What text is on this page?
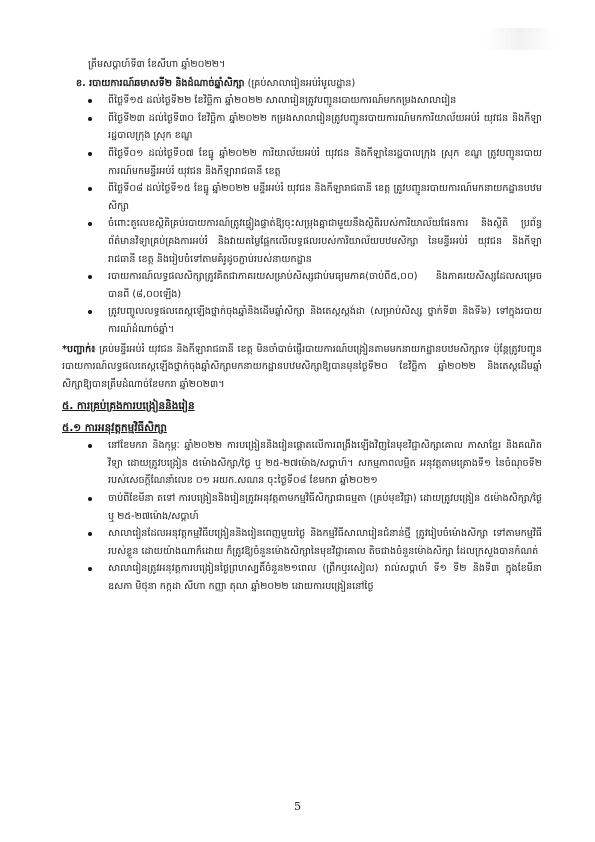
ត្រឹមសប្ដាហ៍ទី៣ ខែសីហា ឆ្នាំ២០២២។

ខ. របាយការណ៍ឆមាសទី២ និងដំណាច់ឆ្នាំសិក្សា (គ្រប់សាលារៀនអប់រំមូលដ្ឋាន)

ពីថ្ងៃទី១៥ ដល់ថ្ងៃទី២២ ខែវិច្ឆិកា ឆ្នាំ២០២២ សាលារៀនត្រូវបញ្ជូនរបាយការណ៍មកកម្រងសាលារៀន
ពីថ្ងៃទី២៣ ដល់ថ្ងៃទី៣០ ខែវិច្ឆិកា ឆ្នាំ២០២២ កម្រងសាលារៀនត្រូវបញ្ជូនរបាយការណ៍មកការិយាល័យអប់រំ យុវជន និងកីឡារដ្ឋបាលក្រុង ស្រុក ខណ្ឌ
ពីថ្ងៃទី០១ ដល់ថ្ងៃទី០៧ ខែធ្នូ ឆ្នាំ២០២២ ការិយាល័យអប់រំ យុវជន និងកីឡានៃរដ្ឋបាលក្រុង ស្រុក ខណ្ឌ ត្រូវបញ្ជូនរបាយការណ៍មកមន្ទីរអប់រំ យុវជន និងកីឡារាជធានី ខេត្ត
ពីថ្ងៃទី០៨ ដល់ថ្ងៃទី១៥ ខែធ្នូ ឆ្នាំ២០២២ មន្ទីរអប់រំ យុវជន និងកីឡារាជធានី ខេត្ត ត្រូវបញ្ជូនរបាយការណ៍មកនាយកដ្ឋានបឋមសិក្សា
ចំពោះតួលេខស្ថិតិគ្រប់របាយការណ៍ត្រូវផ្ទៀងផ្ទាត់ឱ្យចុះសម្រុងគ្នាជាមួយនឹងស្ថិតិរបស់ការិយាល័យផែនការ និងស្ថិតិ ប្រព័ន្ធព័ត៌មានវិទ្យាគ្រប់គ្រងការអប់រំ និងវាយតម្លៃផ្អែកលើលទ្ធផលរបស់ការិយាល័យបឋមសិក្សា នៃមន្ទីរអប់រំ យុវជន និងកីឡា រាជធានី ខេត្ត និងរៀបចំទៅតាមគំរូដូចភ្ជាប់របស់នាយកដ្ឋាន
របាយការណ៍លទ្ធផលសិក្សាត្រូវគិតជាភាគរយសម្រាប់សិស្សជាប់មធ្យមភាគ(ចាប់ពី៥,០០) និងភាគរយសិស្សដែលសម្រេចបានពី (៨,០០ឡើង)
ត្រូវបញ្ចូលលទ្ធផលតេស្តឡើងថ្នាក់ចុងឆ្នាំនិងដើមឆ្នាំសិក្សា និងតេស្តស្តង់ដា (សម្រាប់សិស្ស ថ្នាក់ទី៣ និងទី៦) ទៅក្នុងរបាយការណ៍ដំណាច់ឆ្នាំ។

*បញ្ជាក់៖ គ្រប់មន្ទីរអប់រំ យុវជន និងកីឡារាជធានី ខេត្ត មិនចាំបាច់ផ្ញើរបាយការណ៍បង្រៀនតាមមកនាយកដ្ឋានបឋមសិក្សាទេ ប៉ុន្តែត្រូវបញ្ជូនរបាយការណ៍លទ្ធផលតេស្តឡើងថ្នាក់ចុងឆ្នាំសិក្សាមកនាយកដ្ឋានបឋមសិក្សាឱ្យបានមុនថ្ងៃទី២០ ខែវិច្ឆិកា ឆ្នាំ២០២២ និងតេស្តដើមឆ្នាំសិក្សាឱ្យបានត្រឹមដំណាច់ខែមករា ឆ្នាំ២០២៣។

៥. ការគ្រប់គ្រងការបង្រៀននិងរៀន

៥.១ ការអនុវត្តកម្មវិធីសិក្សា

នៅខែមករា និងកុម្ភៈ ឆ្នាំ២០២២ ការបង្រៀននិងរៀនផ្ដោតលើការពង្រឹងឡើងវិញនៃមុខវិជ្ជាសិក្សាគោល ភាសាខ្មែរ និងគណិតវិទ្យា ដោយត្រូវបង្រៀន ៥ម៉ោងសិក្សា/ថ្ងៃ ឬ ២៥-២៧ម៉ោង/សប្ដាហ៍។ សកម្មភាពលម្អិត អនុវត្តតាមគ្រោងទី១ នៃចំណុចទី២ របស់សេចក្ដីណែនាំលេខ ០១ អយក.សណន ចុះថ្ងៃទី០៨ ខែមករា ឆ្នាំ២០២១
ចាប់ពីខែមីនា តទៅ ការបង្រៀននិងរៀនត្រូវអនុវត្តតាមកម្មវិធីសិក្សាជាធម្មតា (គ្រប់មុខវិជ្ជា) ដោយត្រូវបង្រៀន ៥ម៉ោងសិក្សា/ថ្ងៃ ឬ ២៥-២៧ម៉ោង/សប្ដាហ៍
សាលារៀនដែលអនុវត្តកម្មវិធីបង្រៀននិងរៀនពេញមួយថ្ងៃ និងកម្មវិធីសាលារៀនជំនាន់ថ្មី ត្រូវរៀបចំម៉ោងសិក្សា ទៅតាមកម្មវិធីរបស់ខ្លួន ដោយយ៉ាងណាក៏ដោយ ក៏ត្រូវឱ្យចំនួនម៉ោងសិក្សានៃមុខវិជ្ជាគោល តិចជាងចំនួនម៉ោងសិក្សា ដែលក្រសួងបានកំណត់
សាលារៀនត្រូវអនុវត្តការបង្រៀនថ្ងៃព្រហស្បតិ៍ចំនួន២១ពេល (ព្រឹកឬរសៀល) រាល់សប្ដាហ៍ ទី១ ទី២ និងទី៣ ក្នុងខែមីនា ឧសភា មិថុនា កក្កដា សីហា កញ្ញា តុលា ឆ្នាំ២០២២ ដោយការបង្រៀននៅថ្ងៃ
5
